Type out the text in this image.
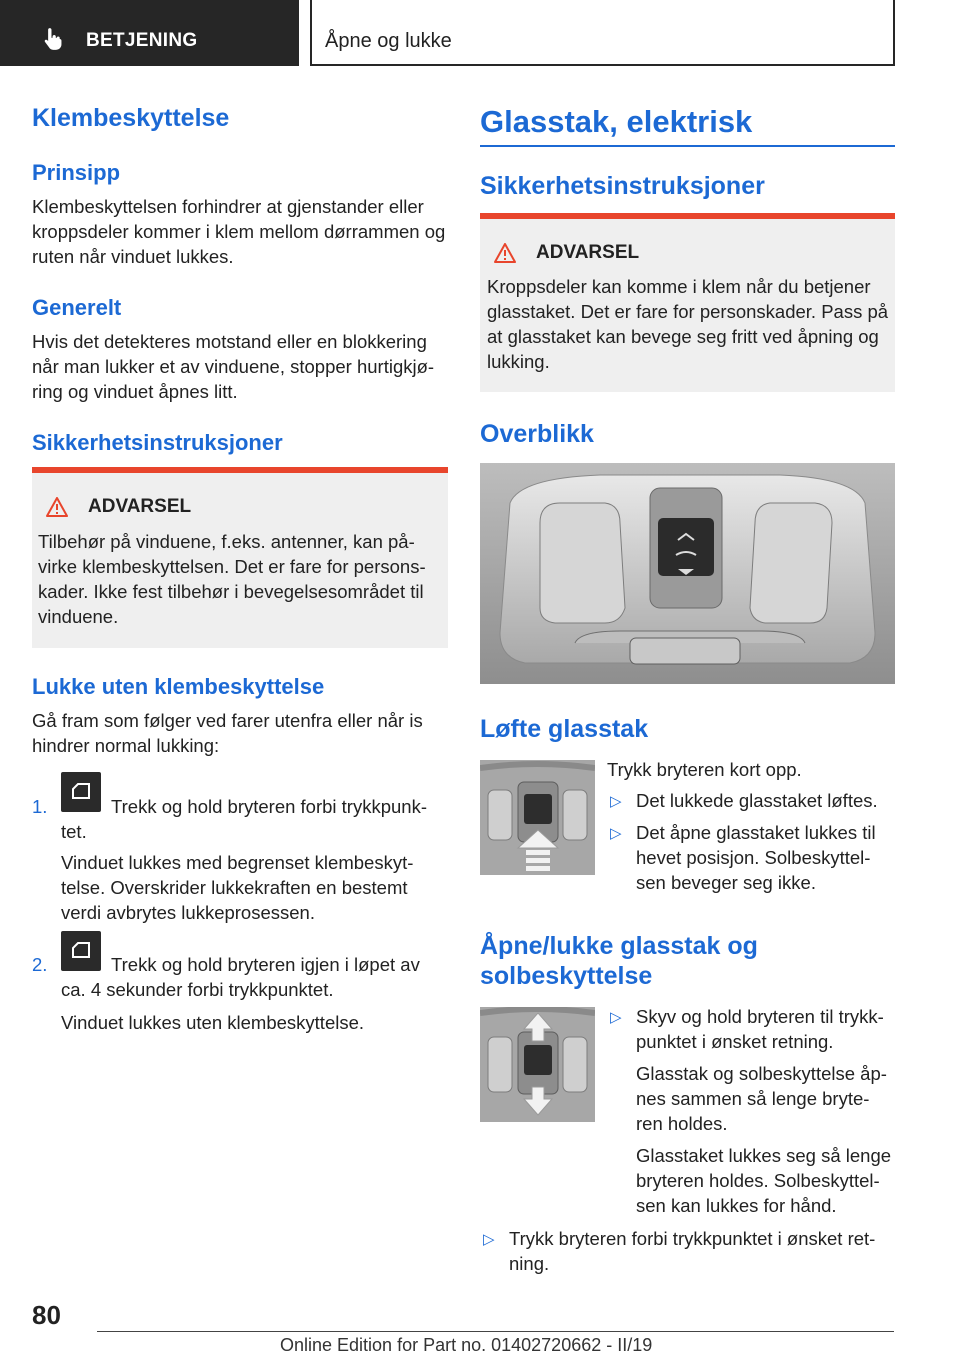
BETJENING	Åpne og lukke
Klembeskyttelse
Prinsipp
Klembeskyttelsen forhindrer at gjenstander eller kroppsdeler kommer i klem mellom dørrammen og ruten når vinduet lukkes.
Generelt
Hvis det detekteres motstand eller en blokkering når man lukker et av vinduene, stopper hurtigkjø-ring og vinduet åpnes litt.
Sikkerhetsinstruksjoner
ADVARSEL
Tilbehør på vinduene, f.eks. antenner, kan på-virke klembeskyttelsen. Det er fare for persons-kader. Ikke fest tilbehør i bevegelsesområdet til vinduene.
Lukke uten klembeskyttelse
Gå fram som følger ved farer utenfra eller når is hindrer normal lukking:
1.	Trekk og hold bryteren forbi trykkpunk-tet.
Vinduet lukkes med begrenset klembeskyt-telse. Overskrider lukkekraften en bestemt verdi avbrytes lukkeprosessen.
2.	Trekk og hold bryteren igjen i løpet av ca. 4 sekunder forbi trykkpunktet.
Vinduet lukkes uten klembeskyttelse.
Glasstak, elektrisk
Sikkerhetsinstruksjoner
ADVARSEL
Kroppsdeler kan komme i klem når du betjener glasstaket. Det er fare for personskader. Pass på at glasstaket kan bevege seg fritt ved åpning og lukking.
Overblikk
Løfte glasstak
Trykk bryteren kort opp.
▷ Det lukkede glasstaket løftes.
▷ Det åpne glasstaket lukkes til hevet posisjon. Solbeskyttel-sen beveger seg ikke.
Åpne/lukke glasstak og
solbeskyttelse
▷ Skyv og hold bryteren til trykk-punktet i ønsket retning.
Glasstak og solbeskyttelse åp-nes sammen så lenge bryte-ren holdes.
Glasstaket lukkes seg så lenge bryteren holdes. Solbeskyttel-sen kan lukkes for hånd.
▷ Trykk bryteren forbi trykkpunktet i ønsket ret-ning.
80
Online Edition for Part no. 01402720662 - II/19
